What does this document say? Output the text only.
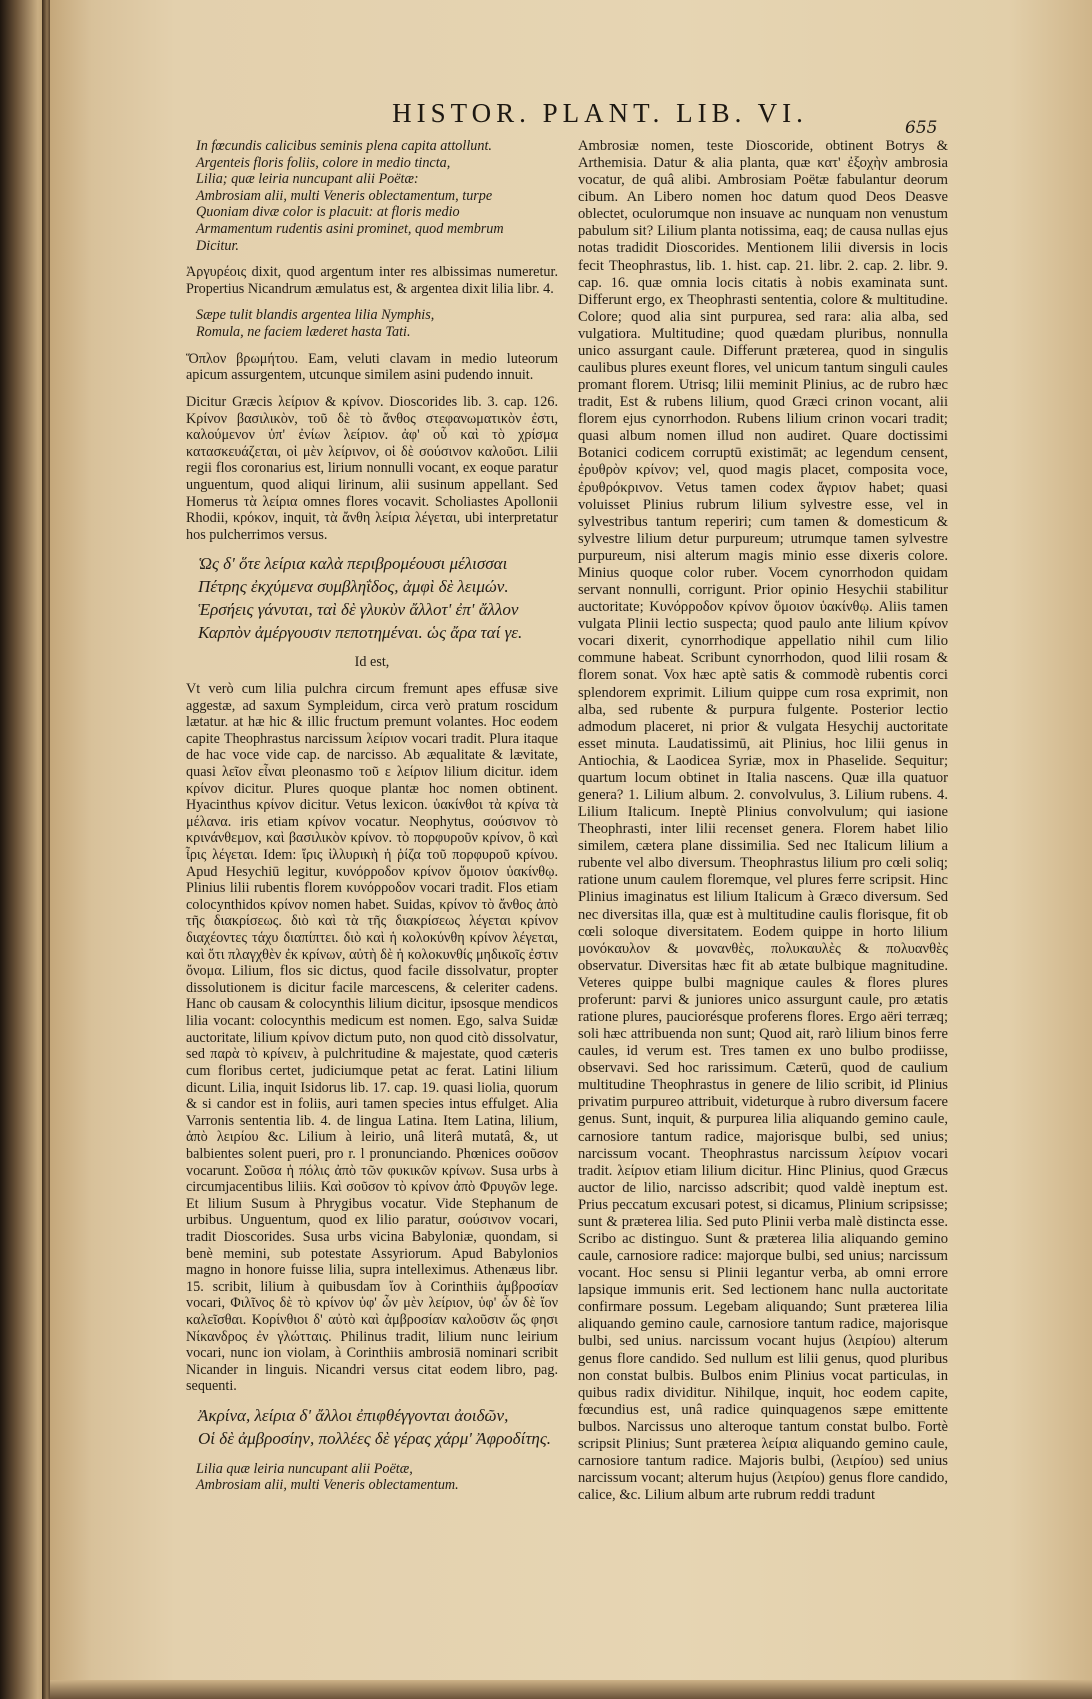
HISTOR. PLANT. LIB. VI.	655
In fœcundis calicibus seminis plena capita attollunt.
Argenteis floris foliis, colore in medio tincta,
Lilia; quæ leiria nuncupant alii Poëtæ:
Ambrosiam alii, multi Veneris oblectamentum, turpe
Quoniam divæ color is placuit: at floris medio
Armamentum rudentis asini prominet, quod membrum
Dicitur.

Ἀργυρέοις dixit, quod argentum inter res albissimas numeretur. Propertius Nicandrum æmulatus est, & argentea dixit lilia libr. 4.

Sæpe tulit blandis argentea lilia Nymphis,
Romula, ne faciem læderet hasta Tati.

Ὅπλον βρωμήτου. Eam, veluti clavam in medio luteorum apicum assurgentem, utcunque similem asini pudendo innuit.

Dicitur Græcis λείριον & κρίνον. Dioscorides lib. 3. cap. 126. Κρίνον βασιλικὸν, τοῦ δὲ τὸ ἄνθος στεφανωματικὸν ἐστι, καλούμενον ὑπ' ἐνίων λείριον. ἀφ' οὗ καὶ τὸ χρίσμα κατασκευάζεται, οἱ μὲν λείρινον, οἱ δὲ σούσινον καλοῦσι. Lilii regii flos coronarius est, lirium nonnulli vocant, ex eoque paratur unguentum, quod aliqui lirinum, alii susinum appellant. Sed Homerus τὰ λείρια omnes flores vocavit. Scholiastes Apollonii Rhodii, κρόκον, inquit, τὰ ἄνθη λείρια λέγεται, ubi interpretatur hos pulcherrimos versus.

Ὡς δ' ὅτε λείρια καλὰ περιβρομέουσι μέλισσαι
Πέτρης ἐκχύμενα συμβληΐδος, ἀμφὶ δὲ λειμών.
Ἑρσήεις γάνυται, ταὶ δὲ γλυκὺν ἄλλοτ' ἐπ' ἄλλον
Καρπὸν ἀμέργουσιν πεποτημέναι. ὡς ἄρα ταί γε.
Id est,

Vt verò cum lilia pulchra circum fremunt apes effusæ sive aggestæ, ad saxum Sympleidum, circa verò pratum roscidum lætatur. at hæ hic & illic fructum premunt volantes. Hoc eodem capite Theophrastus narcissum λείριον vocari tradit. Plura itaque de hac voce vide cap. de narcisso. Ab æqualitate & lævitate, quasi λεῖον εἶναι pleonasmo τοῦ ε λείριον lilium dicitur. idem κρίνον dicitur. Plures quoque plantæ hoc nomen obtinent. Hyacinthus κρίνον dicitur. Vetus lexicon. ὑακίνθοι τὰ κρίνα τὰ μέλανα. iris etiam κρίνον vocatur. Neophytus, σούσινον τὸ κρινάνθεμον, καὶ βασιλικὸν κρίνον. τὸ πορφυροῦν κρίνον, ὃ καὶ ἶρις λέγεται. Idem: ἴρις ἰλλυρικὴ ἡ ῥίζα τοῦ πορφυροῦ κρίνου. Apud Hesychiū legitur, κυνόρροδον κρίνον ὅμοιον ὑακίνθῳ. Plinius lilii rubentis florem κυνόρροδον vocari tradit. Flos etiam colocynthidos κρίνον nomen habet. Suidas, κρίνον τὸ ἄνθος ἀπὸ τῆς διακρίσεως. διὸ καὶ τὰ τῆς διακρίσεως λέγεται κρίνον διαχέοντες τάχυ διαπίπτει. διὸ καὶ ἡ κολοκύνθη κρίνον λέγεται, καὶ ὅτι πλαγχθὲν ἐκ κρίνων, αὐτὴ δὲ ἡ κολοκυνθίς μηδικοῖς ἐστιν ὄνομα. Lilium, flos sic dictus, quod facile dissolvatur, propter dissolutionem is dicitur facile marcescens, & celeriter cadens. Hanc ob causam & colocynthis lilium dicitur, ipsosque mendicos lilia vocant: colocynthis medicum est nomen. Ego, salva Suidæ auctoritate, lilium κρίνον dictum puto, non quod citò dissolvatur, sed παρὰ τὸ κρίνειν, à pulchritudine & majestate, quod cæteris cum floribus certet, judiciumque petat ac ferat. Latini lilium dicunt. Lilia, inquit Isidorus lib. 17. cap. 19. quasi liolia, quorum & si candor est in foliis, auri tamen species intus effulget. Alia Varronis sententia lib. 4. de lingua Latina. Item Latina, lilium, ἀπὸ λειρίου &c. Lilium à leirio, unâ literâ mutatâ, &, ut balbientes solent pueri, pro r. l pronunciando. Phœnices σοῦσον vocarunt. Σοῦσα ἡ πόλις ἀπὸ τῶν φυκικῶν κρίνων. Susa urbs à circumjacentibus liliis. Καὶ σοῦσον τὸ κρίνον ἀπὸ Φρυγῶν lege. Et lilium Susum à Phrygibus vocatur. Vide Stephanum de urbibus. Unguentum, quod ex lilio paratur, σούσινον vocari, tradit Dioscorides. Susa urbs vicina Babyloniæ, quondam, si benè memini, sub potestate Assyriorum. Apud Babylonios magno in honore fuisse lilia, supra intelleximus. Athenæus libr. 15. scribit, lilium à quibusdam ἴον à Corinthiis ἀμβροσίαν vocari, Φιλῖνος δὲ τὸ κρίνον ὑφ' ὧν μὲν λείριον, ὑφ' ὧν δὲ ἴον καλεῖσθαι. Κορίνθιοι δ' αὐτὸ καὶ ἀμβροσίαν καλοῦσιν ὥς φησι Νίκανδρος ἐν γλώτταις. Philinus tradit, lilium nunc leirium vocari, nunc ion violam, à Corinthiis ambrosiā nominari scribit Nicander in linguis. Nicandri versus citat eodem libro, pag. sequenti.

Ἀκρίνα, λείρια δ' ἄλλοι ἐπιφθέγγονται ἀοιδῶν,
Οἱ δὲ ἀμβροσίην, πολλέες δὲ γέρας χάρμ' Ἀφροδίτης.
Lilia quæ leiria nuncupant alii Poëtæ,
Ambrosiam alii, multi Veneris oblectamentum.

Ambrosiæ nomen, teste Dioscoride, obtinent Botrys & Arthemisia. Datur & alia planta, quæ κατ' ἐξοχὴν ambrosia vocatur, de quâ alibi. Ambrosiam Poëtæ fabulantur deorum cibum. An Libero nomen hoc datum quod Deos Deasve oblectet, oculorumque non insuave ac nunquam non venustum pabulum sit? Lilium planta notissima, eaq; de causa nullas ejus notas tradidit Dioscorides. Mentionem lilii diversis in locis fecit Theophrastus, lib. 1. hist. cap. 21. libr. 2. cap. 2. libr. 9. cap. 16. quæ omnia locis citatis à nobis examinata sunt. Differunt ergo, ex Theophrasti sententia, colore & multitudine. Colore; quod alia sint purpurea, sed rara: alia alba, sed vulgatiora. Multitudine; quod quædam pluribus, nonnulla unico assurgant caule. Differunt præterea, quod in singulis caulibus plures exeunt flores, vel unicum tantum singuli caules promant florem. Utrisq; lilii meminit Plinius, ac de rubro hæc tradit, Est & rubens lilium, quod Græci crinon vocant, alii florem ejus cynorrhodon. Rubens lilium crinon vocari tradit; quasi album nomen illud non audiret. Quare doctissimi Botanici codicem corruptū existimāt; ac legendum censent, ἐρυθρὸν κρίνον; vel, quod magis placet, composita voce, ἐρυθρόκρινον. Vetus tamen codex ἄγριον habet; quasi voluisset Plinius rubrum lilium sylvestre esse, vel in sylvestribus tantum reperiri; cum tamen & domesticum & sylvestre lilium detur purpureum; utrumque tamen sylvestre purpureum, nisi alterum magis minio esse dixeris colore. Minius quoque color ruber. Vocem cynorrhodon quidam servant nonnulli, corrigunt. Prior opinio Hesychii stabilitur auctoritate; Κυνόρροδον κρίνον ὅμοιον ὑακίνθῳ. Aliis tamen vulgata Plinii lectio suspecta; quod paulo ante lilium κρίνον vocari dixerit, cynorrhodique appellatio nihil cum lilio commune habeat. Scribunt cynorrhodon, quod lilii rosam & florem sonat. Vox hæc aptè satis & commodè rubentis corci splendorem exprimit. Lilium quippe cum rosa exprimit, non alba, sed rubente & purpura fulgente. Posterior lectio admodum placeret, ni prior & vulgata Hesychij auctoritate esset minuta. Laudatissimū, ait Plinius, hoc lilii genus in Antiochia, & Laodicea Syriæ, mox in Phaselide. Sequitur; quartum locum obtinet in Italia nascens. Quæ illa quatuor genera? 1. Lilium album. 2. convolvulus, 3. Lilium rubens. 4. Lilium Italicum. Ineptè Plinius convolvulum; qui iasione Theophrasti, inter lilii recenset genera. Florem habet lilio similem, cætera plane dissimilia. Sed nec Italicum lilium a rubente vel albo diversum. Theophrastus lilium pro cœli soliq; ratione unum caulem floremque, vel plures ferre scripsit. Hinc Plinius imaginatus est lilium Italicum à Græco diversum. Sed nec diversitas illa, quæ est à multitudine caulis florisque, fit ob cœli soloque diversitatem. Eodem quippe in horto lilium μονόκαυλον & μονανθὲς, πολυκαυλὲς & πολυανθὲς observatur. Diversitas hæc fit ab ætate bulbique magnitudine. Veteres quippe bulbi magnique caules & flores plures proferunt: parvi & juniores unico assurgunt caule, pro ætatis ratione plures, pauciorésque proferens flores. Ergo aëri terræq; soli hæc attribuenda non sunt; Quod ait, rarò lilium binos ferre caules, id verum est. Tres tamen ex uno bulbo prodiisse, observavi. Sed hoc rarissimum. Cæterū, quod de caulium multitudine Theophrastus in genere de lilio scribit, id Plinius privatim purpureo attribuit, videturque à rubro diversum facere genus. Sunt, inquit, & purpurea lilia aliquando gemino caule, carnosiore tantum radice, majorisque bulbi, sed unius; narcissum vocant. Theophrastus narcissum λείριον vocari tradit. λείριον etiam lilium dicitur. Hinc Plinius, quod Græcus auctor de lilio, narcisso adscribit; quod valdè ineptum est. Prius peccatum excusari potest, si dicamus, Plinium scripsisse; sunt & præterea lilia. Sed puto Plinii verba malè distincta esse. Scribo ac distinguo. Sunt & præterea lilia aliquando gemino caule, carnosiore radice: majorque bulbi, sed unius; narcissum vocant. Hoc sensu si Plinii legantur verba, ab omni errore lapsique immunis erit. Sed lectionem hanc nulla auctoritate confirmare possum. Legebam aliquando; Sunt præterea lilia aliquando gemino caule, carnosiore tantum radice, majorisque bulbi, sed unius. narcissum vocant hujus (λειρίου) alterum genus flore candido. Sed nullum est lilii genus, quod pluribus non constat bulbis. Bulbos enim Plinius vocat particulas, in quibus radix dividitur. Nihilque, inquit, hoc eodem capite, fœcundius est, unâ radice quinquagenos sæpe emittente bulbos. Narcissus uno alteroque tantum constat bulbo. Fortè scripsit Plinius; Sunt præterea λείρια aliquando gemino caule, carnosiore tantum radice. Majoris bulbi, (λειρίου) sed unius narcissum vocant; alterum hujus (λειρίου) genus flore candido, calice, &c. Lilium album arte rubrum reddi tradunt
